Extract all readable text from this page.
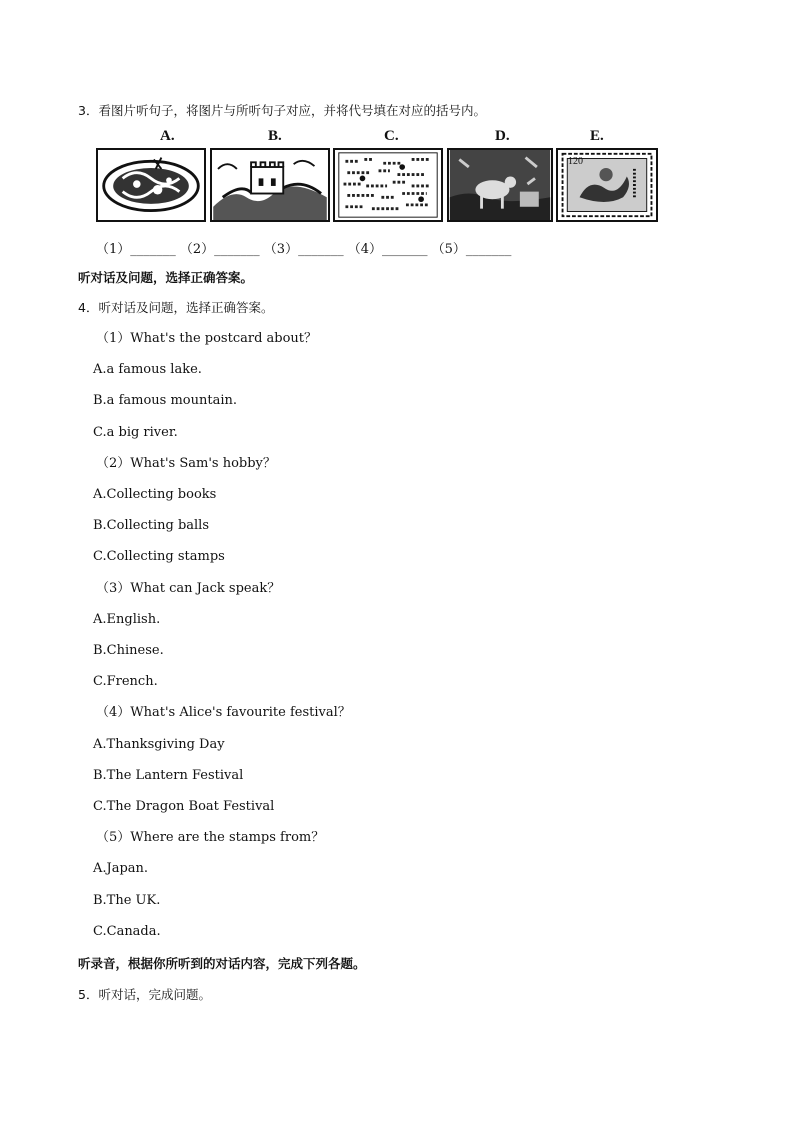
3．看图片听句子，将图片与所听句子对应，并将代号填在对应的括号内。
A.	B.	C.	D.	E.
120
（1）_______ （2）_______ （3）_______ （4）_______ （5）_______
听对话及问题，选择正确答案。
4．听对话及问题，选择正确答案。
（1）What's the postcard about？
A.a famous lake.
B.a famous mountain.
C.a big river.
（2）What's Sam's hobby？
A.Collecting books
B.Collecting balls
C.Collecting stamps
（3）What can Jack speak？
A.English.
B.Chinese.
C.French.
（4）What's Alice's favourite festival？
A.Thanksgiving Day
B.The Lantern Festival
C.The Dragon Boat Festival
（5）Where are the stamps from？
A.Japan.
B.The UK.
C.Canada.
听录音，根据你所听到的对话内容，完成下列各题。
5．听对话，完成问题。
